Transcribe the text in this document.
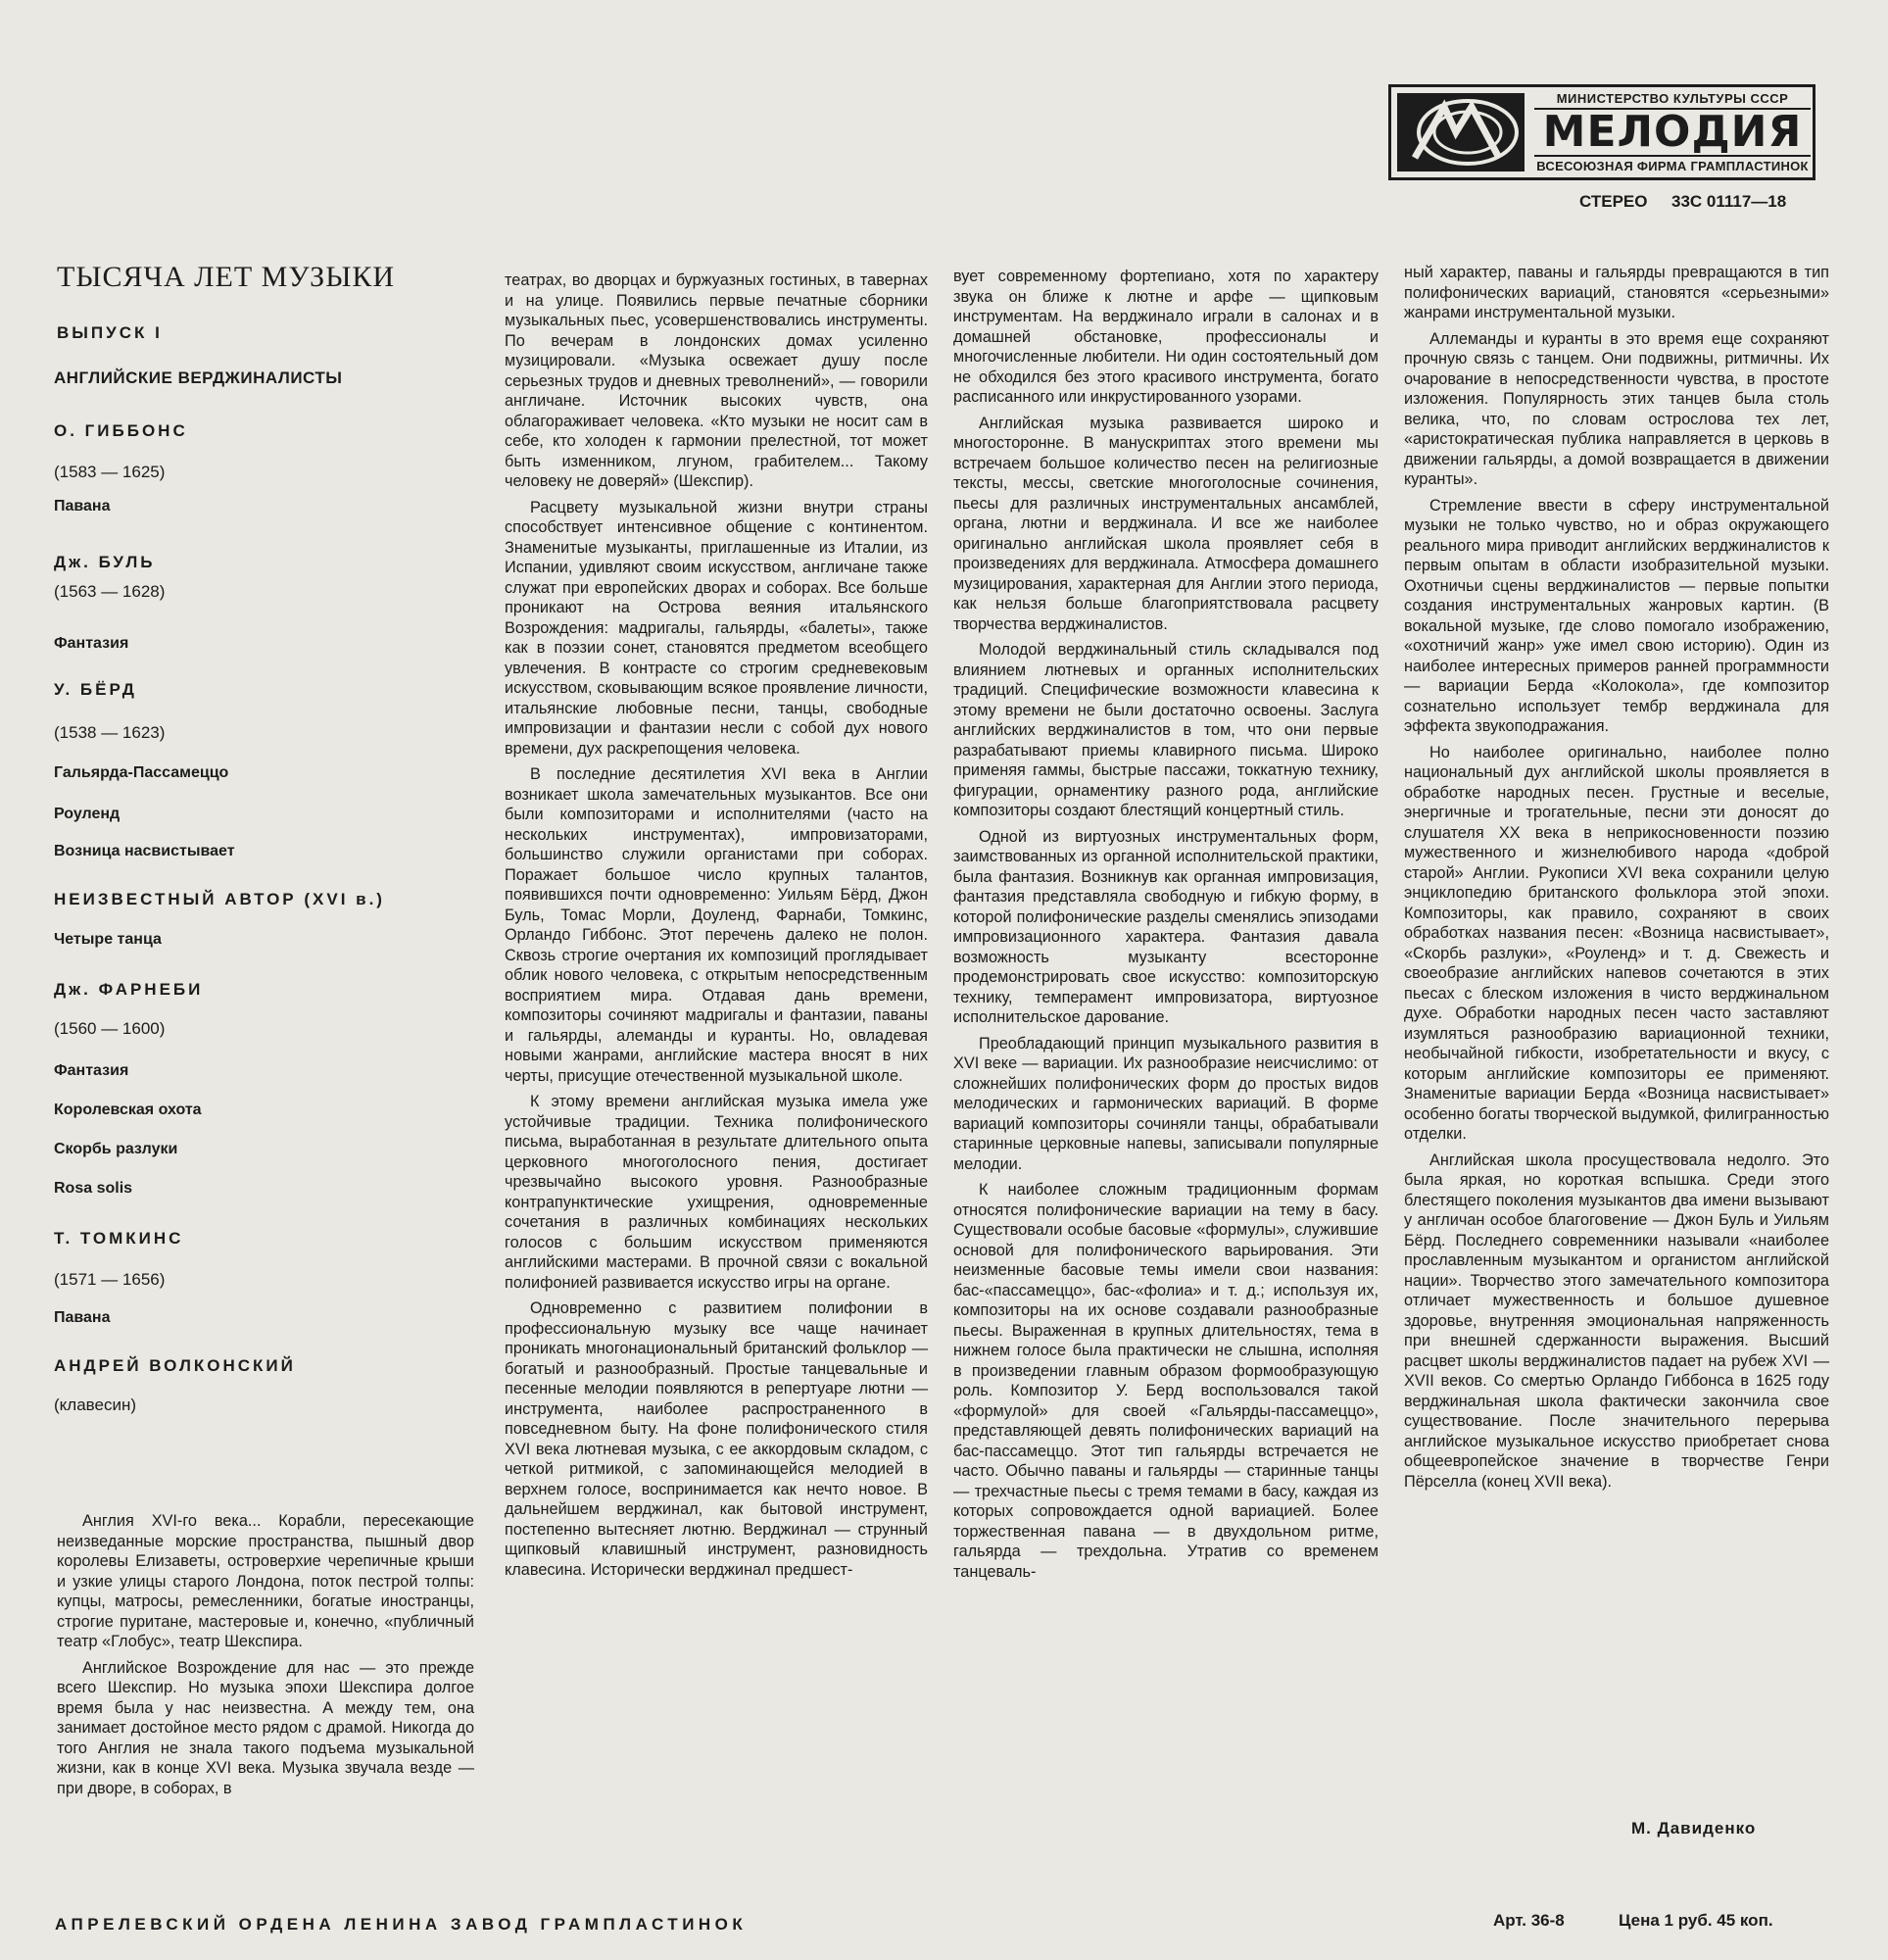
МИНИСТЕРСТВО КУЛЬТУРЫ СССР
МЕЛОДИЯ
ВСЕСОЮЗНАЯ ФИРМА ГРАМПЛАСТИНОК
СТЕРЕО 33С 01117—18
ТЫСЯЧА ЛЕТ МУЗЫКИ
ВЫПУСК I
АНГЛИЙСКИЕ ВЕРДЖИНАЛИСТЫ
О. ГИББОНС
(1583 — 1625)
Павана
Дж. БУЛЬ
(1563 — 1628)
Фантазия
У. БЁРД
(1538 — 1623)
Гальярда-Пассамеццо
Роуленд
Возница насвистывает
НЕИЗВЕСТНЫЙ АВТОР (XVI в.)
Четыре танца
Дж. ФАРНЕБИ
(1560 — 1600)
Фантазия
Королевская охота
Скорбь разлуки
Rosa solis
Т. ТОМКИНС
(1571 — 1656)
Павана
АНДРЕЙ ВОЛКОНСКИЙ
(клавесин)

Англия XVI-го века... Корабли, пересекающие неизведанные морские пространства, пышный двор королевы Елизаветы, островерхие черепичные крыши и узкие улицы старого Лондона, поток пестрой толпы: купцы, матросы, ремесленники, богатые иностранцы, строгие пуритане, мастеровые и, конечно, «публичный театр «Глобус», театр Шекспира.

Английское Возрождение для нас — это прежде всего Шекспир. Но музыка эпохи Шекспира долгое время была у нас неизвестна. А между тем, она занимает достойное место рядом с драмой. Никогда до того Англия не знала такого подъема музыкальной жизни, как в конце XVI века. Музыка звучала везде — при дворе, в соборах, в

театрах, во дворцах и буржуазных гостиных, в тавернах и на улице. Появились первые печатные сборники музыкальных пьес, усовершенствовались инструменты. По вечерам в лондонских домах усиленно музицировали. «Музыка освежает душу после серьезных трудов и дневных треволнений», — говорили англичане. Источник высоких чувств, она облагораживает человека. «Кто музыки не носит сам в себе, кто холоден к гармонии прелестной, тот может быть изменником, лгуном, грабителем... Такому человеку не доверяй» (Шекспир).

Расцвету музыкальной жизни внутри страны способствует интенсивное общение с континентом. Знаменитые музыканты, приглашенные из Италии, из Испании, удивляют своим искусством, англичане также служат при европейских дворах и соборах. Все больше проникают на Острова веяния итальянского Возрождения: мадригалы, гальярды, «балеты», также как в поэзии сонет, становятся предметом всеобщего увлечения. В контрасте со строгим средневековым искусством, сковывающим всякое проявление личности, итальянские любовные песни, танцы, свободные импровизации и фантазии несли с собой дух нового времени, дух раскрепощения человека.

В последние десятилетия XVI века в Англии возникает школа замечательных музыкантов. Все они были композиторами и исполнителями (часто на нескольких инструментах), импровизаторами, большинство служили органистами при соборах. Поражает большое число крупных талантов, появившихся почти одновременно: Уильям Бёрд, Джон Буль, Томас Морли, Доуленд, Фарнаби, Томкинс, Орландо Гиббонс. Этот перечень далеко не полон. Сквозь строгие очертания их композиций проглядывает облик нового человека, с открытым непосредственным восприятием мира. Отдавая дань времени, композиторы сочиняют мадригалы и фантазии, паваны и гальярды, алеманды и куранты. Но, овладевая новыми жанрами, английские мастера вносят в них черты, присущие отечественной музыкальной школе.

К этому времени английская музыка имела уже устойчивые традиции. Техника полифонического письма, выработанная в результате длительного опыта церковного многоголосного пения, достигает чрезвычайно высокого уровня. Разнообразные контрапунктические ухищрения, одновременные сочетания в различных комбинациях нескольких голосов с большим искусством применяются английскими мастерами. В прочной связи с вокальной полифонией развивается искусство игры на органе.

Одновременно с развитием полифонии в профессиональную музыку все чаще начинает проникать многонациональный британский фольклор — богатый и разнообразный. Простые танцевальные и песенные мелодии появляются в репертуаре лютни — инструмента, наиболее распространенного в повседневном быту. На фоне полифонического стиля XVI века лютневая музыка, с ее аккордовым складом, с четкой ритмикой, с запоминающейся мелодией в верхнем голосе, воспринимается как нечто новое. В дальнейшем верджинал, как бытовой инструмент, постепенно вытесняет лютню. Верджинал — струнный щипковый клавишный инструмент, разновидность клавесина. Исторически верджинал предшест-

вует современному фортепиано, хотя по характеру звука он ближе к лютне и арфе — щипковым инструментам. На верджинало играли в салонах и в домашней обстановке, профессионалы и многочисленные любители. Ни один состоятельный дом не обходился без этого красивого инструмента, богато расписанного или инкрустированного узорами.

Английская музыка развивается широко и многосторонне. В манускриптах этого времени мы встречаем большое количество песен на религиозные тексты, мессы, светские многоголосные сочинения, пьесы для различных инструментальных ансамблей, органа, лютни и верджинала. И все же наиболее оригинально английская школа проявляет себя в произведениях для верджинала. Атмосфера домашнего музицирования, характерная для Англии этого периода, как нельзя больше благоприятствовала расцвету творчества верджиналистов.

Молодой верджинальный стиль складывался под влиянием лютневых и органных исполнительских традиций. Специфические возможности клавесина к этому времени не были достаточно освоены. Заслуга английских верджиналистов в том, что они первые разрабатывают приемы клавирного письма. Широко применяя гаммы, быстрые пассажи, токкатную технику, фигурации, орнаментику разного рода, английские композиторы создают блестящий концертный стиль.

Одной из виртуозных инструментальных форм, заимствованных из органной исполнительской практики, была фантазия. Возникнув как органная импровизация, фантазия представляла свободную и гибкую форму, в которой полифонические разделы сменялись эпизодами импровизационного характера. Фантазия давала возможность музыканту всесторонне продемонстрировать свое искусство: композиторскую технику, темперамент импровизатора, виртуозное исполнительское дарование.

Преобладающий принцип музыкального развития в XVI веке — вариации. Их разнообразие неисчислимо: от сложнейших полифонических форм до простых видов мелодических и гармонических вариаций. В форме вариаций композиторы сочиняли танцы, обрабатывали старинные церковные напевы, записывали популярные мелодии.

К наиболее сложным традиционным формам относятся полифонические вариации на тему в басу. Существовали особые басовые «формулы», служившие основой для полифонического варьирования. Эти неизменные басовые темы имели свои названия: бас-«пассамеццо», бас-«фолиа» и т. д.; используя их, композиторы на их основе создавали разнообразные пьесы. Выраженная в крупных длительностях, тема в нижнем голосе была практически не слышна, исполняя в произведении главным образом формообразующую роль. Композитор У. Берд воспользовался такой «формулой» для своей «Гальярды-пассамеццо», представляющей девять полифонических вариаций на бас-пассамеццо. Этот тип гальярды встречается не часто. Обычно паваны и гальярды — старинные танцы — трехчастные пьесы с тремя темами в басу, каждая из которых сопровождается одной вариацией. Более торжественная павана — в двухдольном ритме, гальярда — трехдольна. Утратив со временем танцеваль-

ный характер, паваны и гальярды превращаются в тип полифонических вариаций, становятся «серьезными» жанрами инструментальной музыки.

Аллеманды и куранты в это время еще сохраняют прочную связь с танцем. Они подвижны, ритмичны. Их очарование в непосредственности чувства, в простоте изложения. Популярность этих танцев была столь велика, что, по словам остроcлова тех лет, «аристократическая публика направляется в церковь в движении гальярды, а домой возвращается в движении куранты».

Стремление ввести в сферу инструментальной музыки не только чувство, но и образ окружающего реального мира приводит английских верджиналистов к первым опытам в области изобразительной музыки. Охотничьи сцены верджиналистов — первые попытки создания инструментальных жанровых картин. (В вокальной музыке, где слово помогало изображению, «охотничий жанр» уже имел свою историю). Один из наиболее интересных примеров ранней программности — вариации Берда «Колокола», где композитор сознательно использует тембр верджинала для эффекта звукоподражания.

Но наиболее оригинально, наиболее полно национальный дух английской школы проявляется в обработке народных песен. Грустные и веселые, энергичные и трогательные, песни эти доносят до слушателя XX века в неприкосновенности поэзию мужественного и жизнелюбивого народа «доброй старой» Англии. Рукописи XVI века сохранили целую энциклопедию британского фольклора этой эпохи. Композиторы, как правило, сохраняют в своих обработках названия песен: «Возница насвистывает», «Скорбь разлуки», «Роуленд» и т. д. Свежесть и своеобразие английских напевов сочетаются в этих пьесах с блеском изложения в чисто верджинальном духе. Обработки народных песен часто заставляют изумляться разнообразию вариационной техники, необычайной гибкости, изобретательности и вкусу, с которым английские композиторы ее применяют. Знаменитые вариации Берда «Возница насвистывает» особенно богаты творческой выдумкой, филигранностью отделки.

Английская школа просуществовала недолго. Это была яркая, но короткая вспышка. Среди этого блестящего поколения музыкантов два имени вызывают у англичан особое благоговение — Джон Буль и Уильям Бёрд. Последнего современники называли «наиболее прославленным музыкантом и органистом английской нации». Творчество этого замечательного композитора отличает мужественность и большое душевное здоровье, внутренняя эмоциональная напряженность при внешней сдержанности выражения. Высший расцвет школы верджиналистов падает на рубеж XVI — XVII веков. Со смертью Орландо Гиббонса в 1625 году верджинальная школа фактически закончила свое существование. После значительного перерыва английское музыкальное искусство приобретает снова общеевропейское значение в творчестве Генри Пёрселла (конец XVII века).

М. Давиденко
АПРЕЛЕВСКИЙ ОРДЕНА ЛЕНИНА ЗАВОД ГРАМПЛАСТИНОК	Арт. 36-8	Цена 1 руб. 45 коп.
